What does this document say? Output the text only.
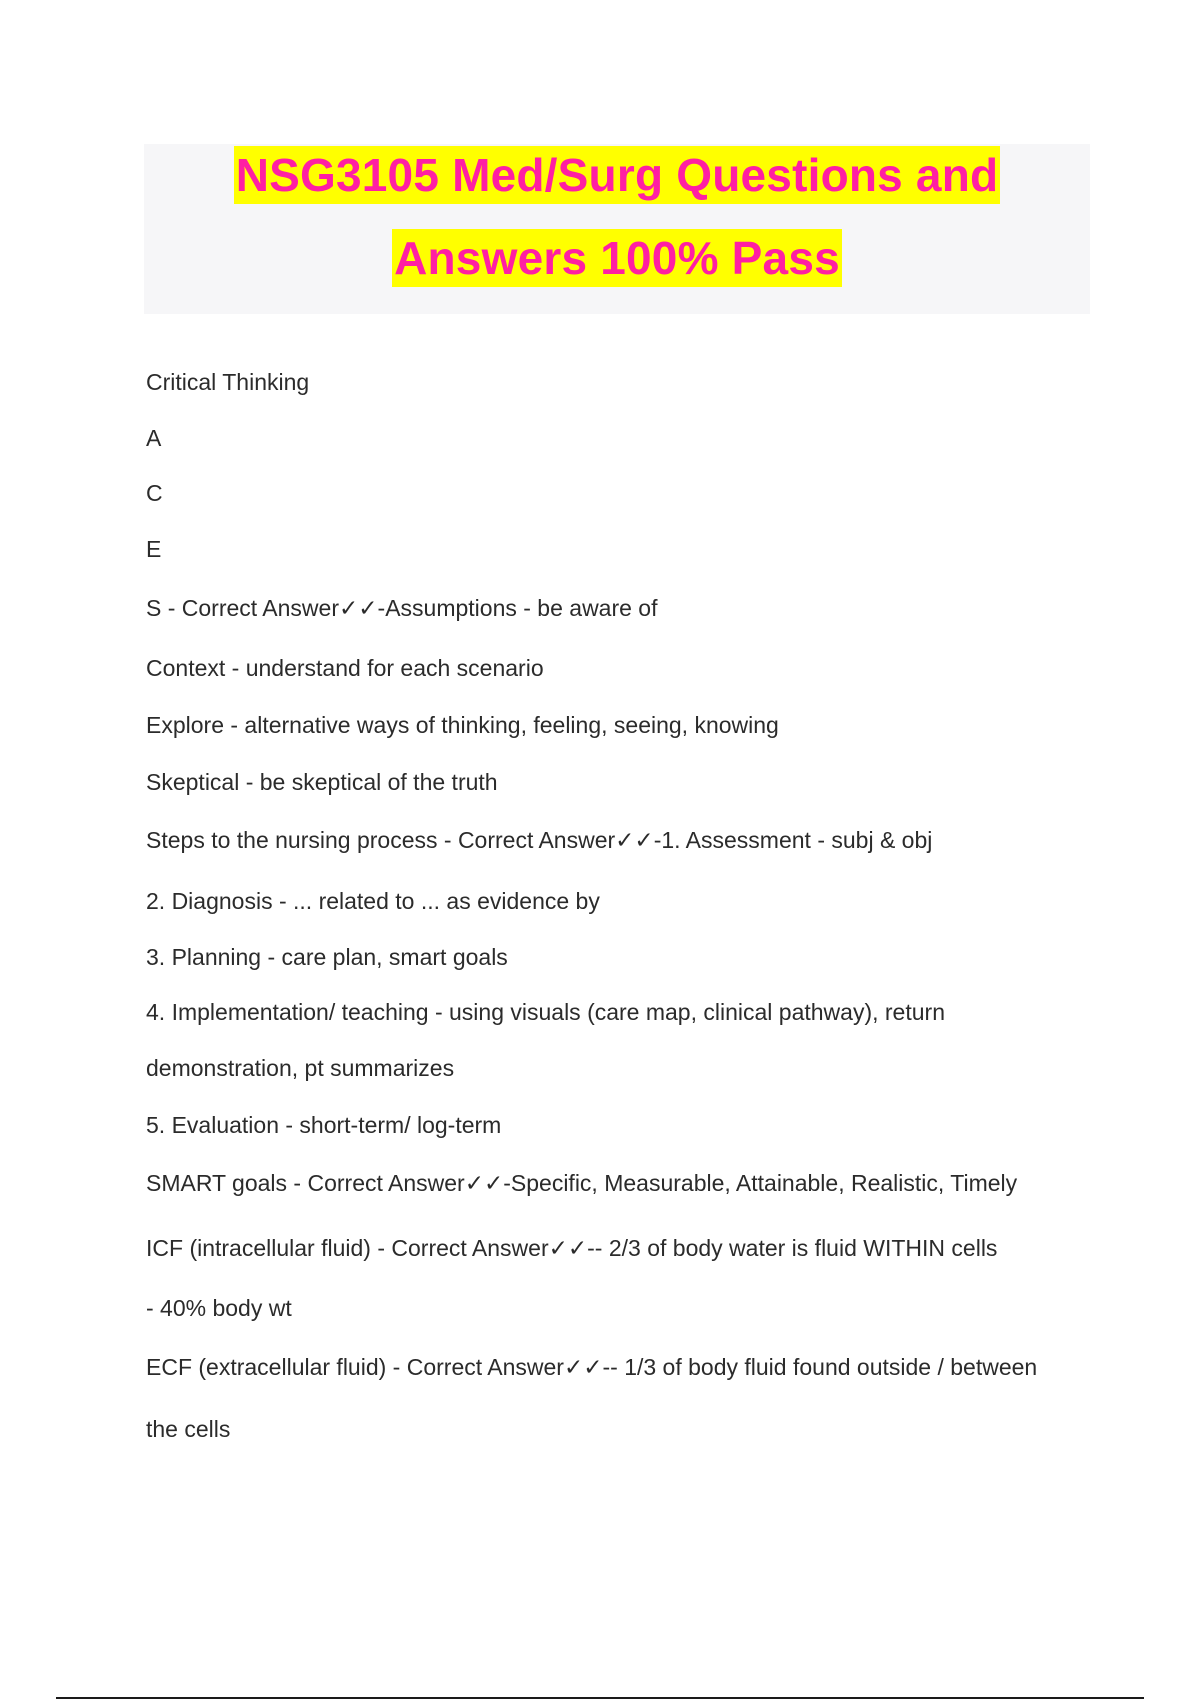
NSG3105 Med/Surg Questions and
Answers 100% Pass
Critical Thinking
A
C
E
S - Correct Answer✓✓-Assumptions - be aware of
Context - understand for each scenario
Explore - alternative ways of thinking, feeling, seeing, knowing
Skeptical - be skeptical of the truth
Steps to the nursing process - Correct Answer✓✓-1. Assessment - subj & obj
2. Diagnosis - ... related to ... as evidence by
3. Planning - care plan, smart goals
4. Implementation/ teaching - using visuals (care map, clinical pathway), return
demonstration, pt summarizes
5. Evaluation - short-term/ log-term
SMART goals - Correct Answer✓✓-Specific, Measurable, Attainable, Realistic, Timely
ICF (intracellular fluid) - Correct Answer✓✓-- 2/3 of body water is fluid WITHIN cells
- 40% body wt
ECF (extracellular fluid) - Correct Answer✓✓-- 1/3 of body fluid found outside / between
the cells
